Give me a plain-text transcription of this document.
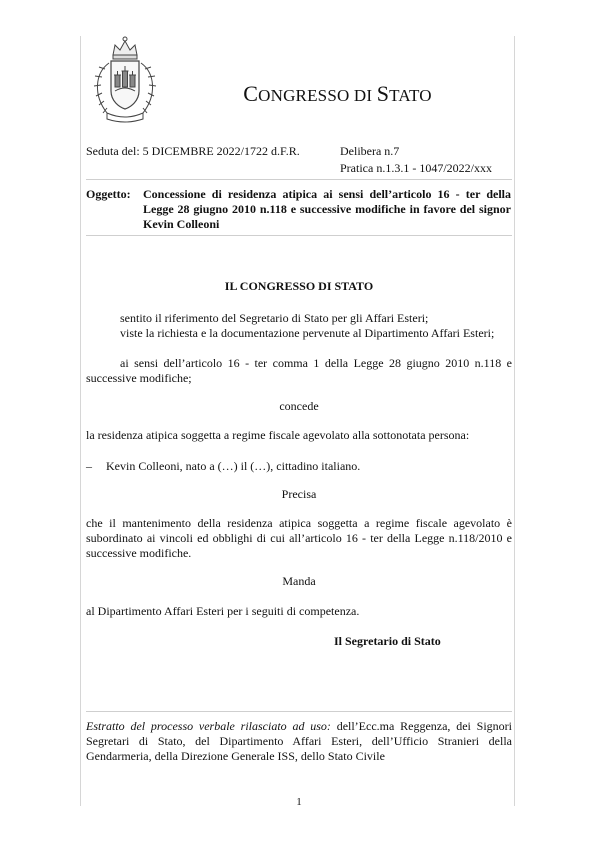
CONGRESSO DI STATO
Seduta del: 5 DICEMBRE 2022/1722 d.F.R.	Delibera n.7
Pratica n.1.3.1 - 1047/2022/xxx
Oggetto: Concessione di residenza atipica ai sensi dell’articolo 16 - ter della Legge 28 giugno 2010 n.118 e successive modifiche in favore del signor Kevin Colleoni
IL CONGRESSO DI STATO
sentito il riferimento del Segretario di Stato per gli Affari Esteri;
viste la richiesta e la documentazione pervenute al Dipartimento Affari Esteri;
ai sensi dell’articolo 16 - ter comma 1 della Legge 28 giugno 2010 n.118 e successive modifiche;
concede
la residenza atipica soggetta a regime fiscale agevolato alla sottonotata persona:
– Kevin Colleoni, nato a (…) il (…), cittadino italiano.
Precisa
che il mantenimento della residenza atipica soggetta a regime fiscale agevolato è subordinato ai vincoli ed obblighi di cui all’articolo 16 - ter della Legge n.118/2010 e successive modifiche.
Manda
al Dipartimento Affari Esteri per i seguiti di competenza.
Il Segretario di Stato
Estratto del processo verbale rilasciato ad uso: dell’Ecc.ma Reggenza, dei Signori Segretari di Stato, del Dipartimento Affari Esteri, dell’Ufficio Stranieri della Gendarmeria, della Direzione Generale ISS, dello Stato Civile
1
